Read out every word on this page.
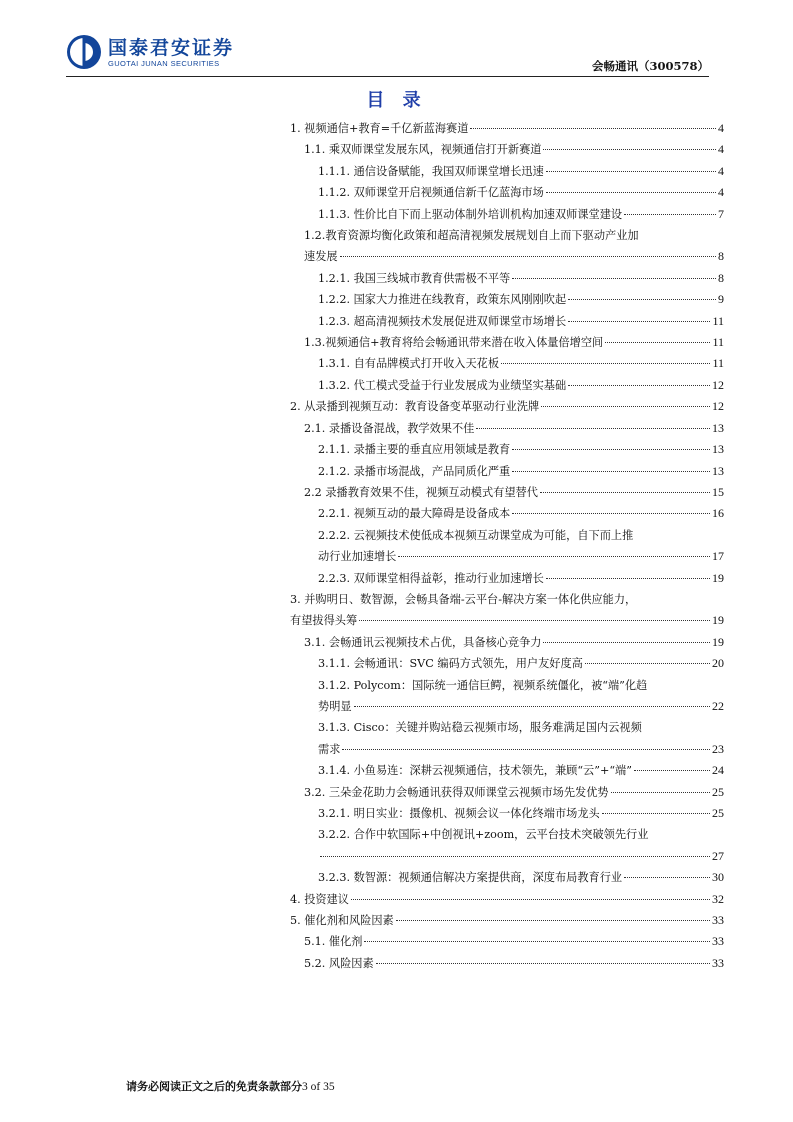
国泰君安证券
GUOTAI JUNAN SECURITIES	会畅通讯（300578）
目 录
1. 视频通信+教育=千亿新蓝海赛道	4
1.1. 乘双师课堂发展东风，视频通信打开新赛道	4
1.1.1. 通信设备赋能，我国双师课堂增长迅速	4
1.1.2. 双师课堂开启视频通信新千亿蓝海市场	4
1.1.3. 性价比自下而上驱动体制外培训机构加速双师课堂建设	7
1.2.教育资源均衡化政策和超高清视频发展规划自上而下驱动产业加
速发展	8
1.2.1. 我国三线城市教育供需极不平等	8
1.2.2. 国家大力推进在线教育，政策东风刚刚吹起	9
1.2.3. 超高清视频技术发展促进双师课堂市场增长	11
1.3.视频通信+教育将给会畅通讯带来潜在收入体量倍增空间	11
1.3.1. 自有品牌模式打开收入天花板	11
1.3.2. 代工模式受益于行业发展成为业绩坚实基础	12
2. 从录播到视频互动：教育设备变革驱动行业洗牌	12
2.1. 录播设备混战，教学效果不佳	13
2.1.1. 录播主要的垂直应用领域是教育	13
2.1.2. 录播市场混战，产品同质化严重	13
2.2 录播教育效果不佳，视频互动模式有望替代	15
2.2.1. 视频互动的最大障碍是设备成本	16
2.2.2. 云视频技术使低成本视频互动课堂成为可能，自下而上推
动行业加速增长	17
2.2.3. 双师课堂相得益彰，推动行业加速增长	19
3. 并购明日、数智源，会畅具备端-云平台-解决方案一体化供应能力，
有望拔得头筹	19
3.1. 会畅通讯云视频技术占优，具备核心竞争力	19
3.1.1. 会畅通讯：SVC 编码方式领先，用户友好度高	20
3.1.2. Polycom：国际统一通信巨鳄，视频系统僵化，被“端”化趋
势明显	22
3.1.3. Cisco：关键并购站稳云视频市场，服务难满足国内云视频
需求	23
3.1.4. 小鱼易连：深耕云视频通信，技术领先，兼顾“云”+“端”	24
3.2. 三朵金花助力会畅通讯获得双师课堂云视频市场先发优势	25
3.2.1. 明日实业：摄像机、视频会议一体化终端市场龙头	25
3.2.2. 合作中软国际+中创视讯+zoom，云平台技术突破领先行业
27
3.2.3. 数智源：视频通信解决方案提供商，深度布局教育行业	30
4. 投资建议	32
5. 催化剂和风险因素	33
5.1. 催化剂	33
5.2. 风险因素	33
请务必阅读正文之后的免责条款部分3 of 35
